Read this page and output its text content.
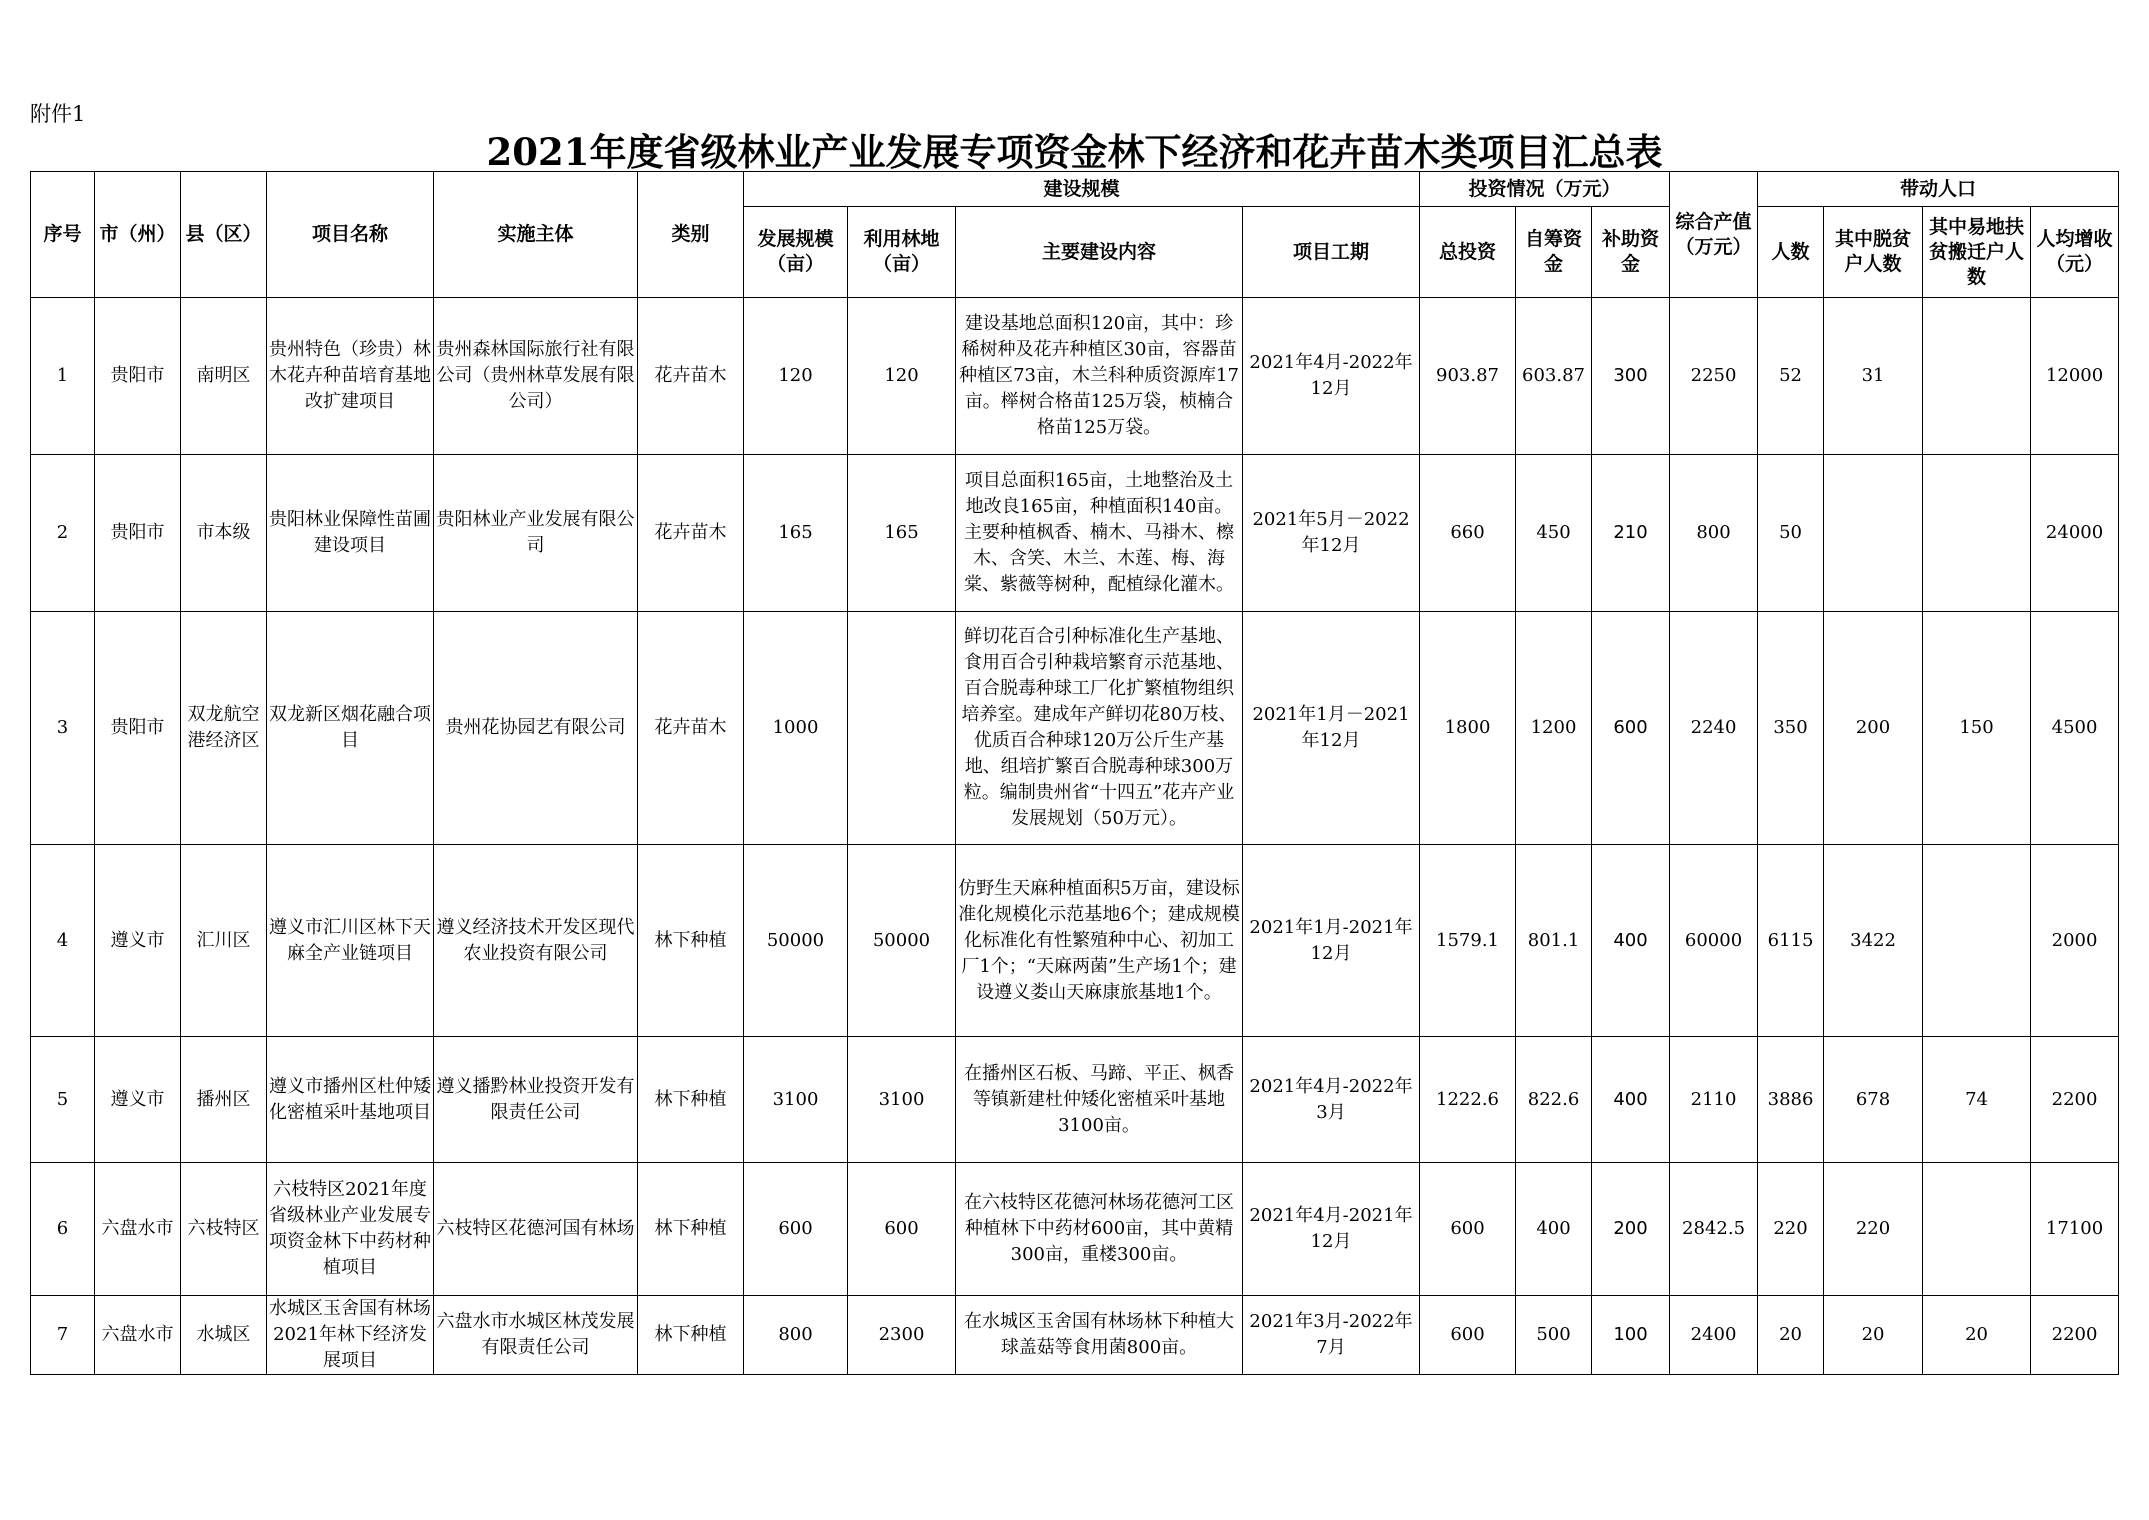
附件1
2021年度省级林业产业发展专项资金林下经济和花卉苗木类项目汇总表
序号	市（州）	县（区）	项目名称	实施主体	类别	建设规模				投资情况（万元）			综合产值（万元）	带动人口			
						发展规模（亩）	利用林地（亩）	主要建设内容	项目工期	总投资	自筹资金	补助资金		人数	其中脱贫户人数	其中易地扶贫搬迁户人数	人均增收（元）
1	贵阳市	南明区	贵州特色（珍贵）林木花卉种苗培育基地改扩建项目	贵州森林国际旅行社有限公司（贵州林草发展有限公司）	花卉苗木	120	120	建设基地总面积120亩，其中：珍稀树种及花卉种植区30亩，容器苗种植区73亩，木兰科种质资源库17亩。榉树合格苗125万袋，桢楠合格苗125万袋。	2021年4月-2022年12月	903.87	603.87	300	2250	52	31		12000
2	贵阳市	市本级	贵阳林业保障性苗圃建设项目	贵阳林业产业发展有限公司	花卉苗木	165	165	项目总面积165亩，土地整治及土地改良165亩，种植面积140亩。主要种植枫香、楠木、马褂木、檫木、含笑、木兰、木莲、梅、海棠、紫薇等树种，配植绿化灌木。	2021年5月－2022年12月	660	450	210	800	50			24000
3	贵阳市	双龙航空港经济区	双龙新区烟花融合项目	贵州花协园艺有限公司	花卉苗木	1000		鲜切花百合引种标准化生产基地、食用百合引种栽培繁育示范基地、百合脱毒种球工厂化扩繁植物组织培养室。建成年产鲜切花80万枝、优质百合种球120万公斤生产基地、组培扩繁百合脱毒种球300万粒。编制贵州省“十四五”花卉产业发展规划（50万元）。	2021年1月－2021年12月	1800	1200	600	2240	350	200	150	4500
4	遵义市	汇川区	遵义市汇川区林下天麻全产业链项目	遵义经济技术开发区现代农业投资有限公司	林下种植	50000	50000	仿野生天麻种植面积5万亩，建设标准化规模化示范基地6个；建成规模化标准化有性繁殖种中心、初加工厂1个；“天麻两菌”生产场1个；建设遵义娄山天麻康旅基地1个。	2021年1月-2021年12月	1579.1	801.1	400	60000	6115	3422		2000
5	遵义市	播州区	遵义市播州区杜仲矮化密植采叶基地项目	遵义播黔林业投资开发有限责任公司	林下种植	3100	3100	在播州区石板、马蹄、平正、枫香等镇新建杜仲矮化密植采叶基地3100亩。	2021年4月-2022年3月	1222.6	822.6	400	2110	3886	678	74	2200
6	六盘水市	六枝特区	六枝特区2021年度省级林业产业发展专项资金林下中药材种植项目	六枝特区花德河国有林场	林下种植	600	600	在六枝特区花德河林场花德河工区种植林下中药材600亩，其中黄精300亩，重楼300亩。	2021年4月-2021年12月	600	400	200	2842.5	220	220		17100
7	六盘水市	水城区	水城区玉舍国有林场2021年林下经济发展项目	六盘水市水城区林茂发展有限责任公司	林下种植	800	2300	在水城区玉舍国有林场林下种植大球盖菇等食用菌800亩。	2021年3月-2022年7月	600	500	100	2400	20	20	20	2200
